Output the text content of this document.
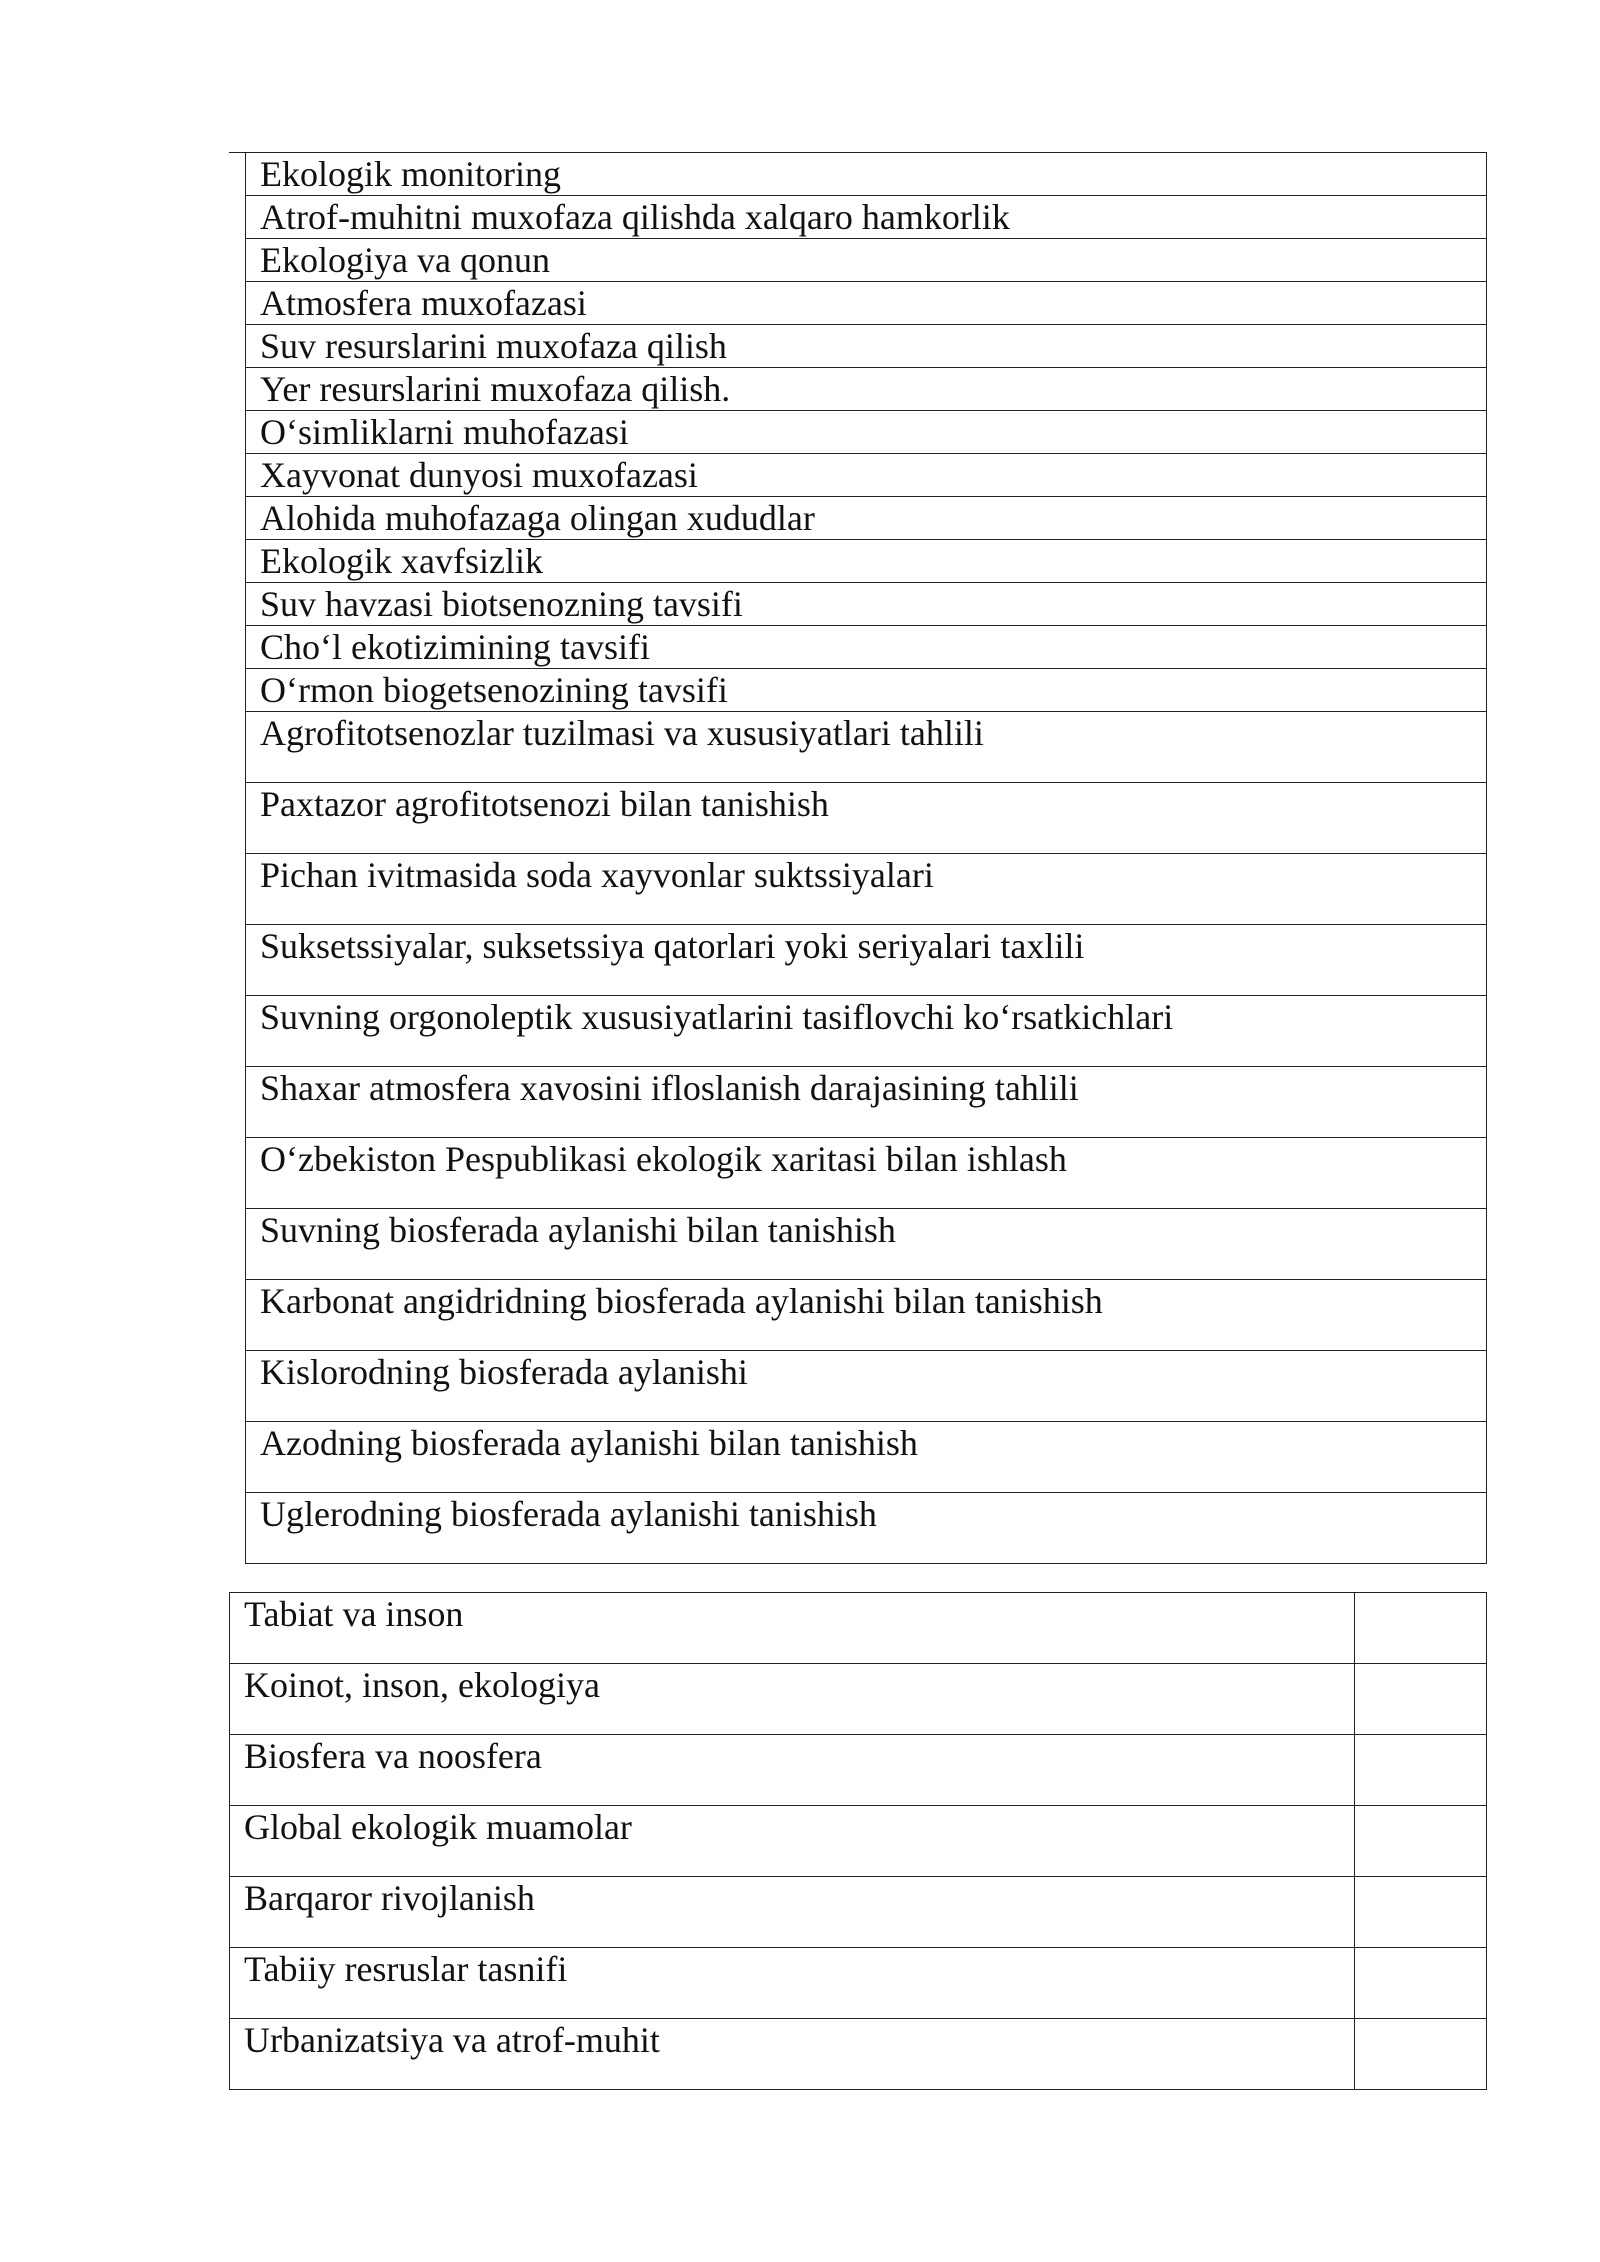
Ekologik monitoring
Atrof-muhitni muxofaza qilishda xalqaro hamkorlik
Ekologiya va qonun
Atmosfera muxofazasi
Suv resurslarini muxofaza qilish
Yer resurslarini muxofaza qilish.
O‘simliklarni muhofazasi
Xayvonat dunyosi muxofazasi
Alohida muhofazaga olingan xududlar
Ekologik xavfsizlik
Suv havzasi biotsenozning tavsifi
Cho‘l ekotizimining tavsifi
O‘rmon biogetsenozining tavsifi
Agrofitotsenozlar tuzilmasi va xususiyatlari tahlili
Paxtazor agrofitotsenozi bilan tanishish
Pichan ivitmasida soda xayvonlar suktssiyalari
Suksetssiyalar, suksetssiya qatorlari yoki seriyalari taxlili
Suvning orgonoleptik xususiyatlarini tasiflovchi ko‘rsatkichlari
Shaxar atmosfera xavosini ifloslanish darajasining tahlili
O‘zbekiston Pespublikasi ekologik xaritasi bilan ishlash
Suvning biosferada aylanishi bilan tanishish
Karbonat angidridning biosferada aylanishi bilan tanishish
Kislorodning biosferada aylanishi
Azodning biosferada aylanishi bilan tanishish
Uglerodning biosferada aylanishi tanishish
Tabiat va inson	
Koinot, inson, ekologiya	
Biosfera va noosfera	
Global ekologik muamolar	
Barqaror rivojlanish	
Tabiiy resruslar tasnifi	
Urbanizatsiya va atrof-muhit	
